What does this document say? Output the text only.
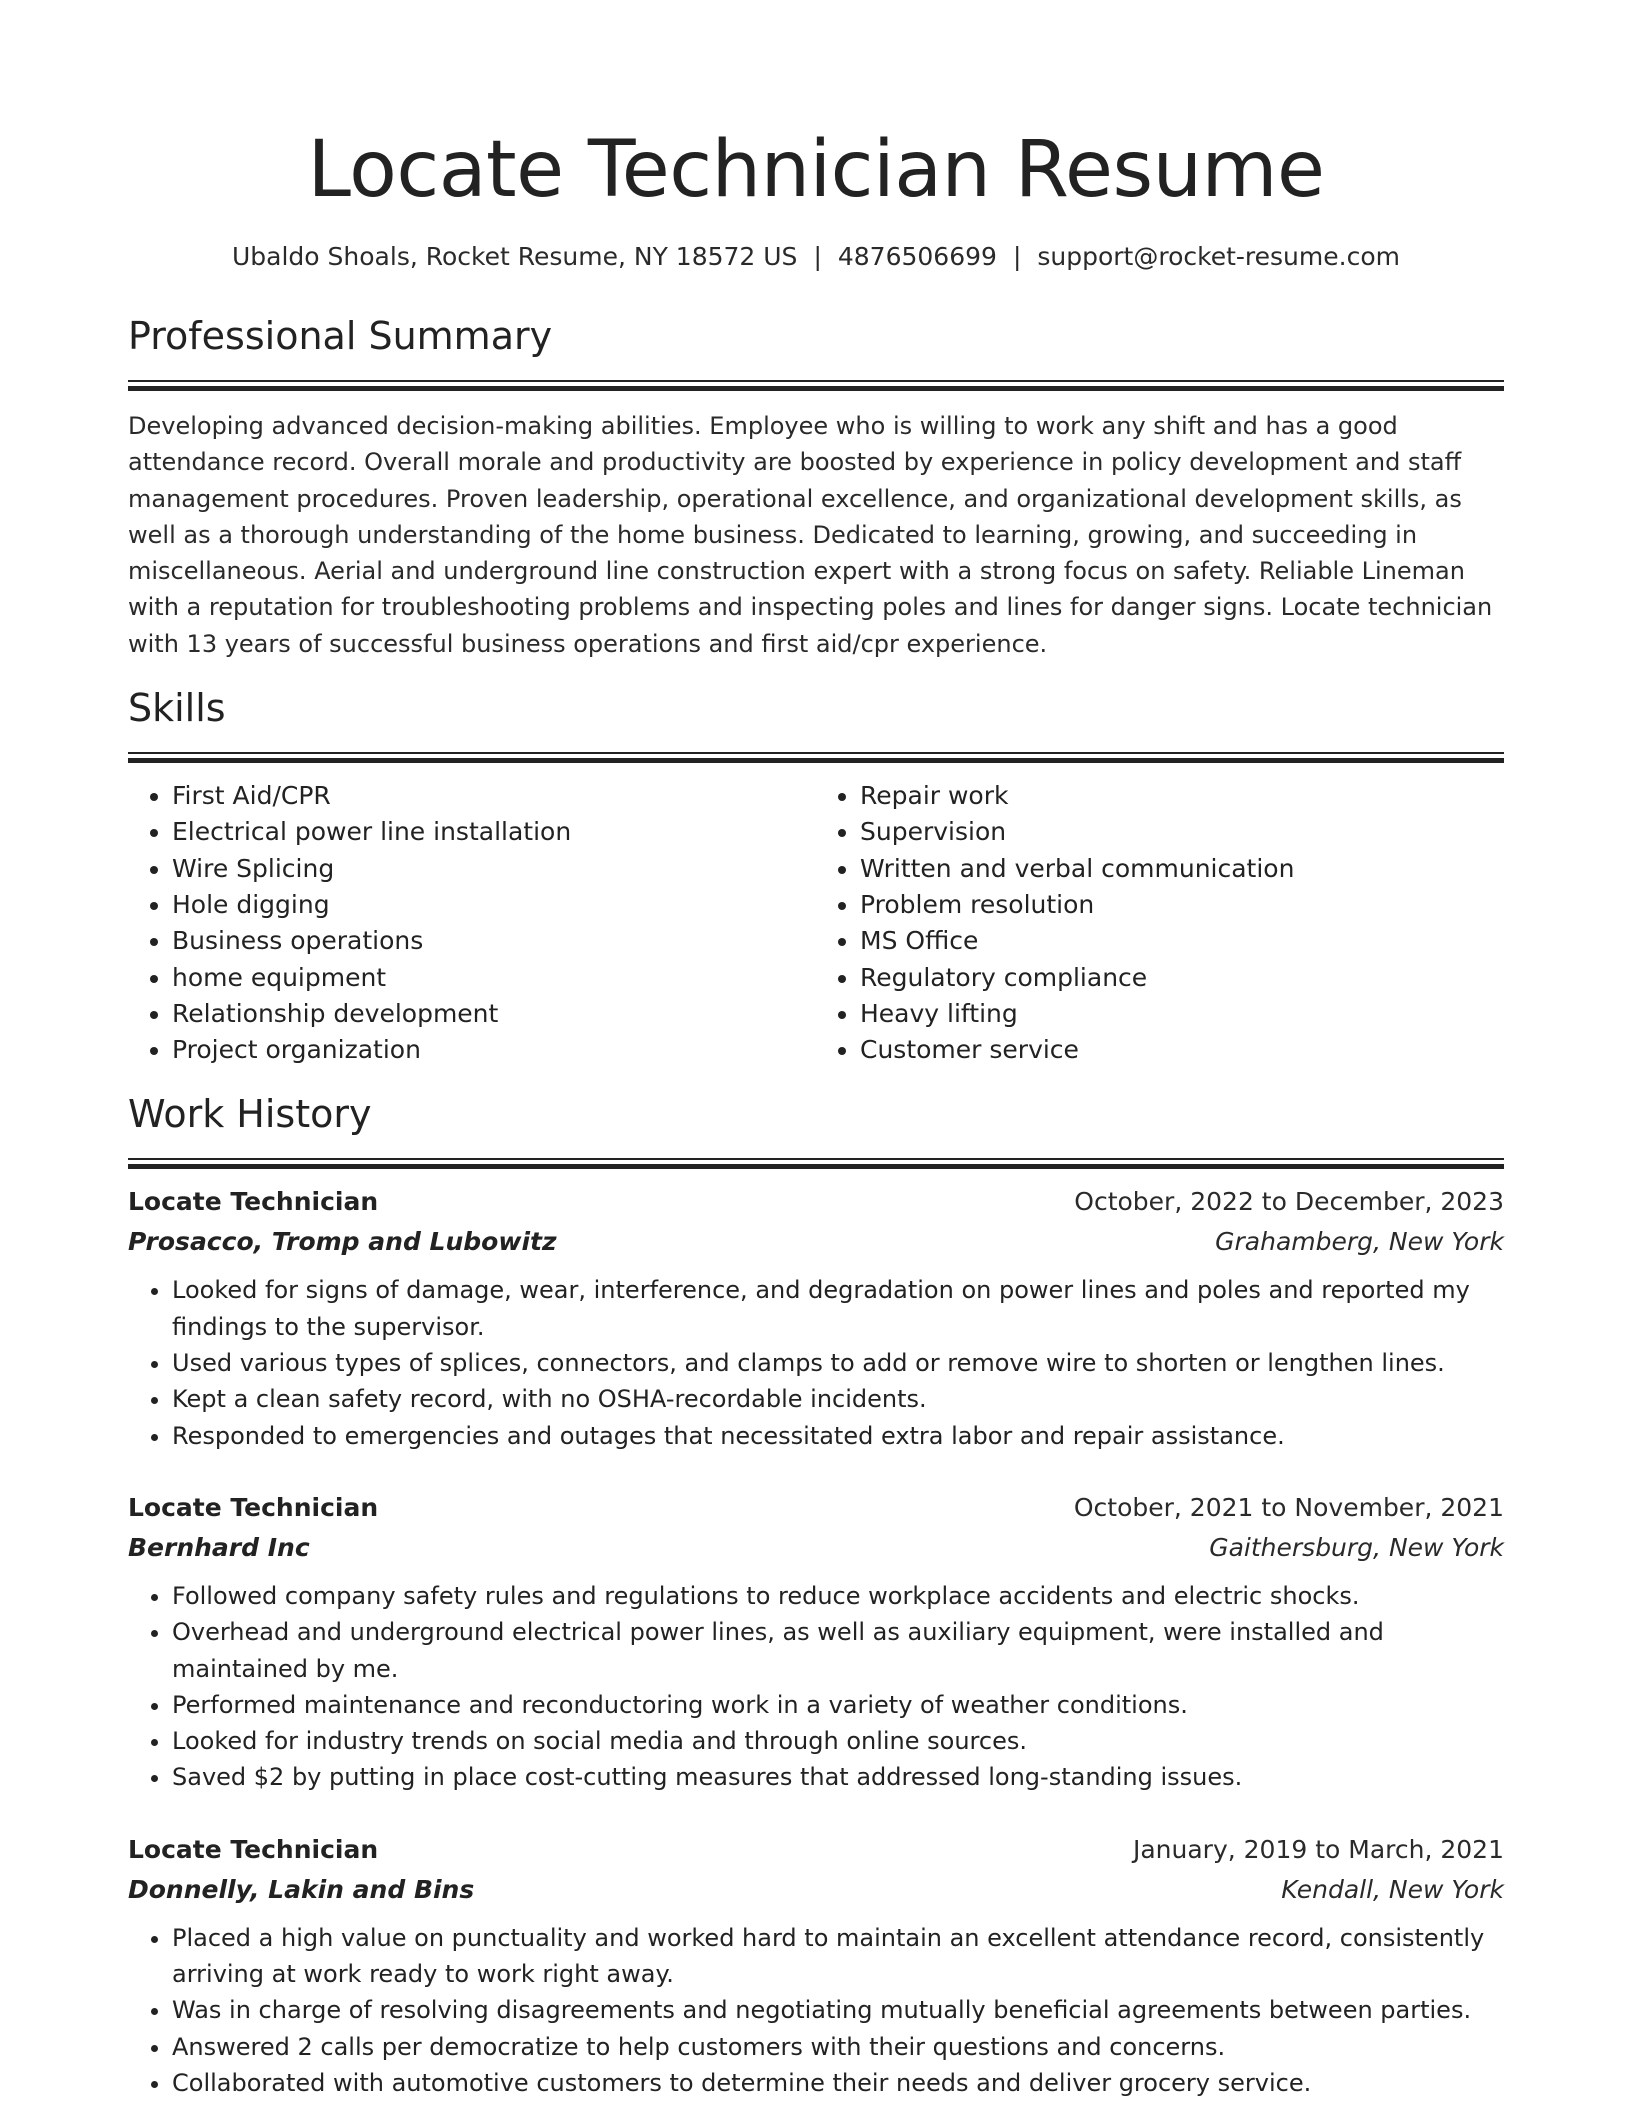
Locate Technician Resume
Ubaldo Shoals, Rocket Resume, NY 18572 US | 4876506699 | support@rocket-resume.com
Professional Summary
Developing advanced decision-making abilities. Employee who is willing to work any shift and has a good attendance record. Overall morale and productivity are boosted by experience in policy development and staff management procedures. Proven leadership, operational excellence, and organizational development skills, as well as a thorough understanding of the home business. Dedicated to learning, growing, and succeeding in miscellaneous. Aerial and underground line construction expert with a strong focus on safety. Reliable Lineman with a reputation for troubleshooting problems and inspecting poles and lines for danger signs. Locate technician with 13 years of successful business operations and first aid/cpr experience.
Skills
• First Aid/CPR
• Electrical power line installation
• Wire Splicing
• Hole digging
• Business operations
• home equipment
• Relationship development
• Project organization
• Repair work
• Supervision
• Written and verbal communication
• Problem resolution
• MS Office
• Regulatory compliance
• Heavy lifting
• Customer service
Work History
Locate Technician	October, 2022 to December, 2023
Prosacco, Tromp and Lubowitz	Grahamberg, New York
• Looked for signs of damage, wear, interference, and degradation on power lines and poles and reported my findings to the supervisor.
• Used various types of splices, connectors, and clamps to add or remove wire to shorten or lengthen lines.
• Kept a clean safety record, with no OSHA-recordable incidents.
• Responded to emergencies and outages that necessitated extra labor and repair assistance.
Locate Technician	October, 2021 to November, 2021
Bernhard Inc	Gaithersburg, New York
• Followed company safety rules and regulations to reduce workplace accidents and electric shocks.
• Overhead and underground electrical power lines, as well as auxiliary equipment, were installed and maintained by me.
• Performed maintenance and reconductoring work in a variety of weather conditions.
• Looked for industry trends on social media and through online sources.
• Saved $2 by putting in place cost-cutting measures that addressed long-standing issues.
Locate Technician	January, 2019 to March, 2021
Donnelly, Lakin and Bins	Kendall, New York
• Placed a high value on punctuality and worked hard to maintain an excellent attendance record, consistently arriving at work ready to work right away.
• Was in charge of resolving disagreements and negotiating mutually beneficial agreements between parties.
• Answered 2 calls per democratize to help customers with their questions and concerns.
• Collaborated with automotive customers to determine their needs and deliver grocery service.
